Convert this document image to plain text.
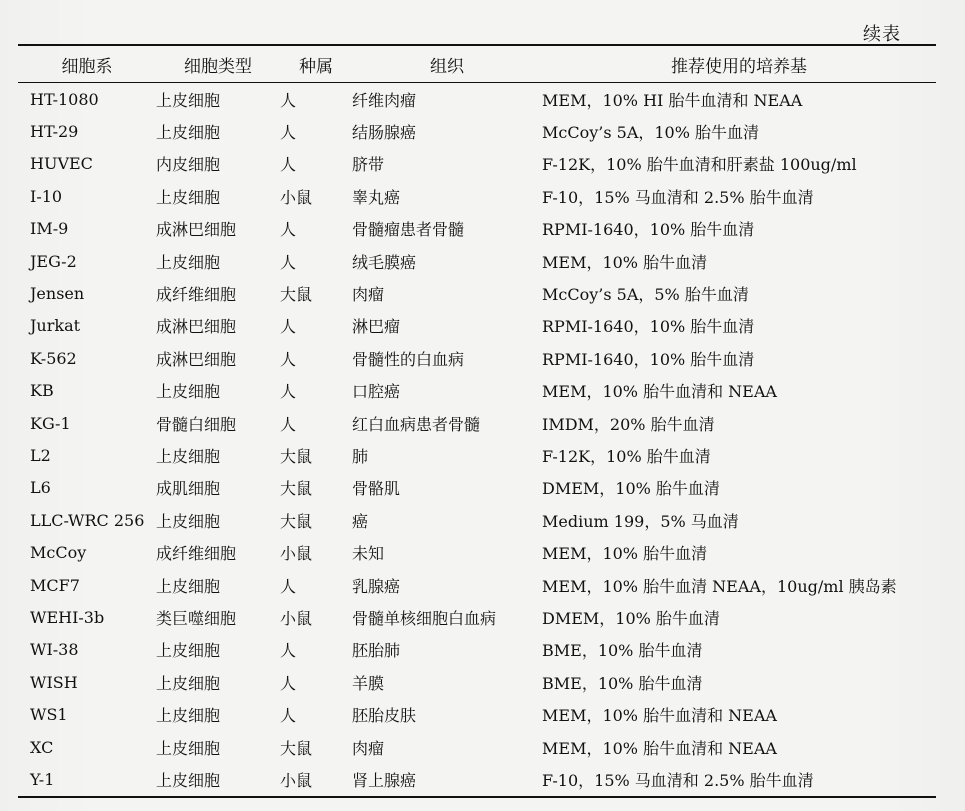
续表
细胞系	细胞类型	种属	组织	推荐使用的培养基
HT-1080	上皮细胞	人	纤维肉瘤	MEM，10% HI 胎牛血清和 NEAA
HT-29	上皮细胞	人	结肠腺癌	McCoy’s 5A，10% 胎牛血清
HUVEC	内皮细胞	人	脐带	F-12K，10% 胎牛血清和肝素盐 100ug/ml
I-10	上皮细胞	小鼠	睾丸癌	F-10，15% 马血清和 2.5% 胎牛血清
IM-9	成淋巴细胞	人	骨髓瘤患者骨髓	RPMI-1640，10% 胎牛血清
JEG-2	上皮细胞	人	绒毛膜癌	MEM，10% 胎牛血清
Jensen	成纤维细胞	大鼠	肉瘤	McCoy’s 5A，5% 胎牛血清
Jurkat	成淋巴细胞	人	淋巴瘤	RPMI-1640，10% 胎牛血清
K-562	成淋巴细胞	人	骨髓性的白血病	RPMI-1640，10% 胎牛血清
KB	上皮细胞	人	口腔癌	MEM，10% 胎牛血清和 NEAA
KG-1	骨髓白细胞	人	红白血病患者骨髓	IMDM，20% 胎牛血清
L2	上皮细胞	大鼠	肺	F-12K，10% 胎牛血清
L6	成肌细胞	大鼠	骨骼肌	DMEM，10% 胎牛血清
LLC-WRC 256	上皮细胞	大鼠	癌	Medium 199，5% 马血清
McCoy	成纤维细胞	小鼠	未知	MEM，10% 胎牛血清
MCF7	上皮细胞	人	乳腺癌	MEM，10% 胎牛血清 NEAA，10ug/ml 胰岛素
WEHI-3b	类巨噬细胞	小鼠	骨髓单核细胞白血病	DMEM，10% 胎牛血清
WI-38	上皮细胞	人	胚胎肺	BME，10% 胎牛血清
WISH	上皮细胞	人	羊膜	BME，10% 胎牛血清
WS1	上皮细胞	人	胚胎皮肤	MEM，10% 胎牛血清和 NEAA
XC	上皮细胞	大鼠	肉瘤	MEM，10% 胎牛血清和 NEAA
Y-1	上皮细胞	小鼠	肾上腺癌	F-10，15% 马血清和 2.5% 胎牛血清
